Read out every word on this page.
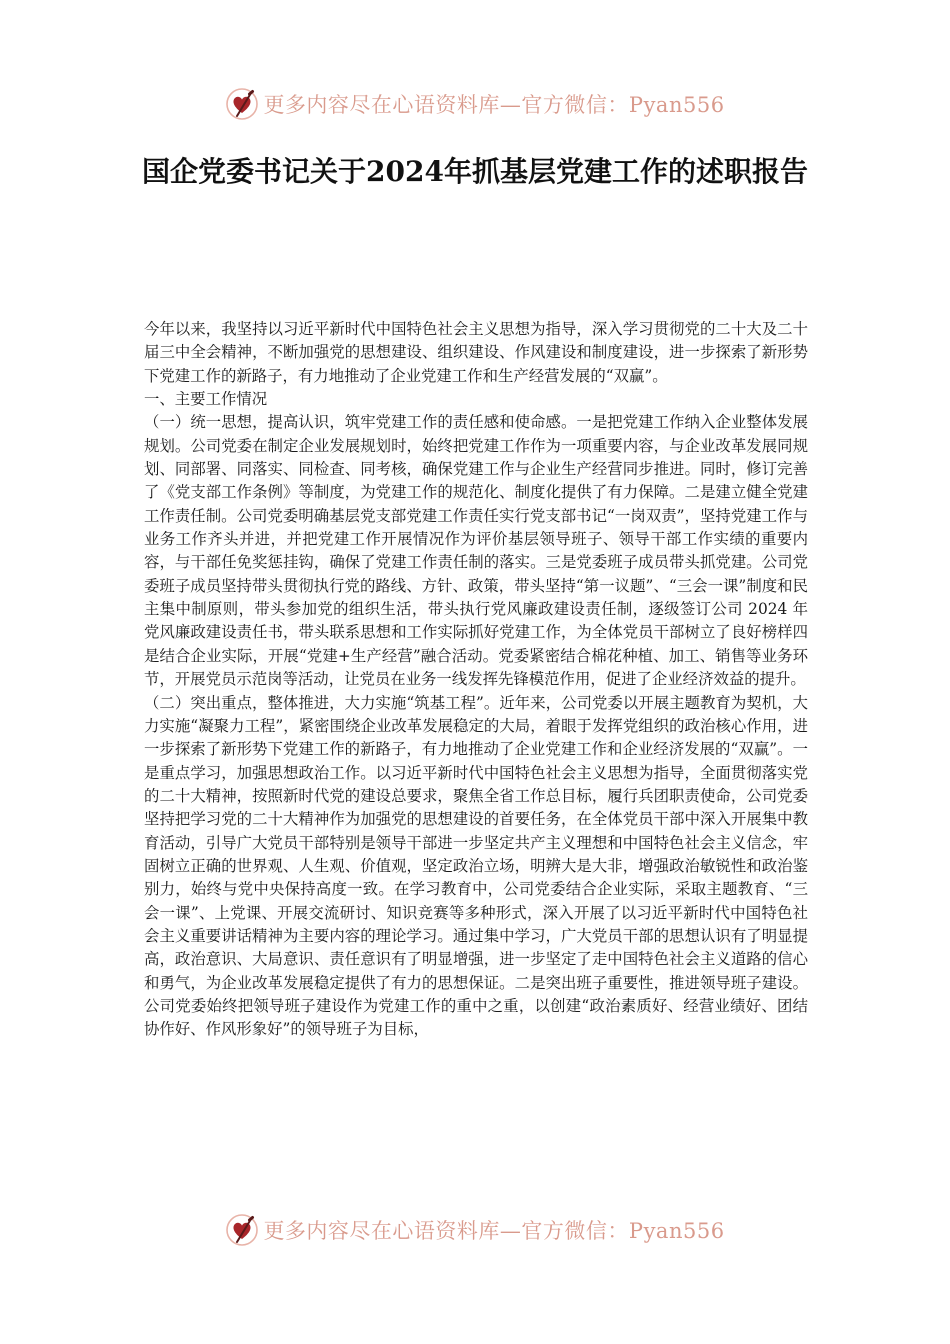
更多内容尽在心语资料库—官方微信：Pyan556
国企党委书记关于2024年抓基层党建工作的述职报告

今年以来，我坚持以习近平新时代中国特色社会主义思想为指导，深入学习贯彻党的二十大及二十届三中全会精神，不断加强党的思想建设、组织建设、作风建设和制度建设，进一步探索了新形势下党建工作的新路子，有力地推动了企业党建工作和生产经营发展的“双赢”。

一、主要工作情况

（一）统一思想，提高认识，筑牢党建工作的责任感和使命感。一是把党建工作纳入企业整体发展规划。公司党委在制定企业发展规划时，始终把党建工作作为一项重要内容，与企业改革发展同规划、同部署、同落实、同检查、同考核，确保党建工作与企业生产经营同步推进。同时，修订完善了《党支部工作条例》等制度，为党建工作的规范化、制度化提供了有力保障。二是建立健全党建工作责任制。公司党委明确基层党支部党建工作责任实行党支部书记“一岗双责”，坚持党建工作与业务工作齐头并进，并把党建工作开展情况作为评价基层领导班子、领导干部工作实绩的重要内容，与干部任免奖惩挂钩，确保了党建工作责任制的落实。三是党委班子成员带头抓党建。公司党委班子成员坚持带头贯彻执行党的路线、方针、政策，带头坚持“第一议题”、“三会一课”制度和民主集中制原则，带头参加党的组织生活，带头执行党风廉政建设责任制，逐级签订公司 2024 年党风廉政建设责任书，带头联系思想和工作实际抓好党建工作，为全体党员干部树立了良好榜样四是结合企业实际，开展“党建+生产经营”融合活动。党委紧密结合棉花种植、加工、销售等业务环节，开展党员示范岗等活动，让党员在业务一线发挥先锋模范作用，促进了企业经济效益的提升。

（二）突出重点，整体推进，大力实施“筑基工程”。近年来，公司党委以开展主题教育为契机，大力实施“凝聚力工程”，紧密围绕企业改革发展稳定的大局，着眼于发挥党组织的政治核心作用，进一步探索了新形势下党建工作的新路子，有力地推动了企业党建工作和企业经济发展的“双赢”。一是重点学习，加强思想政治工作。以习近平新时代中国特色社会主义思想为指导，全面贯彻落实党的二十大精神，按照新时代党的建设总要求，聚焦全省工作总目标，履行兵团职责使命，公司党委坚持把学习党的二十大精神作为加强党的思想建设的首要任务，在全体党员干部中深入开展集中教育活动，引导广大党员干部特别是领导干部进一步坚定共产主义理想和中国特色社会主义信念，牢固树立正确的世界观、人生观、价值观，坚定政治立场，明辨大是大非，增强政治敏锐性和政治鉴别力，始终与党中央保持高度一致。在学习教育中，公司党委结合企业实际，采取主题教育、“三会一课”、上党课、开展交流研讨、知识竞赛等多种形式，深入开展了以习近平新时代中国特色社会主义重要讲话精神为主要内容的理论学习。通过集中学习，广大党员干部的思想认识有了明显提高，政治意识、大局意识、责任意识有了明显增强，进一步坚定了走中国特色社会主义道路的信心和勇气，为企业改革发展稳定提供了有力的思想保证。二是突出班子重要性，推进领导班子建设。公司党委始终把领导班子建设作为党建工作的重中之重，以创建“政治素质好、经营业绩好、团结协作好、作风形象好”的领导班子为目标，

更多内容尽在心语资料库—官方微信：Pyan556
